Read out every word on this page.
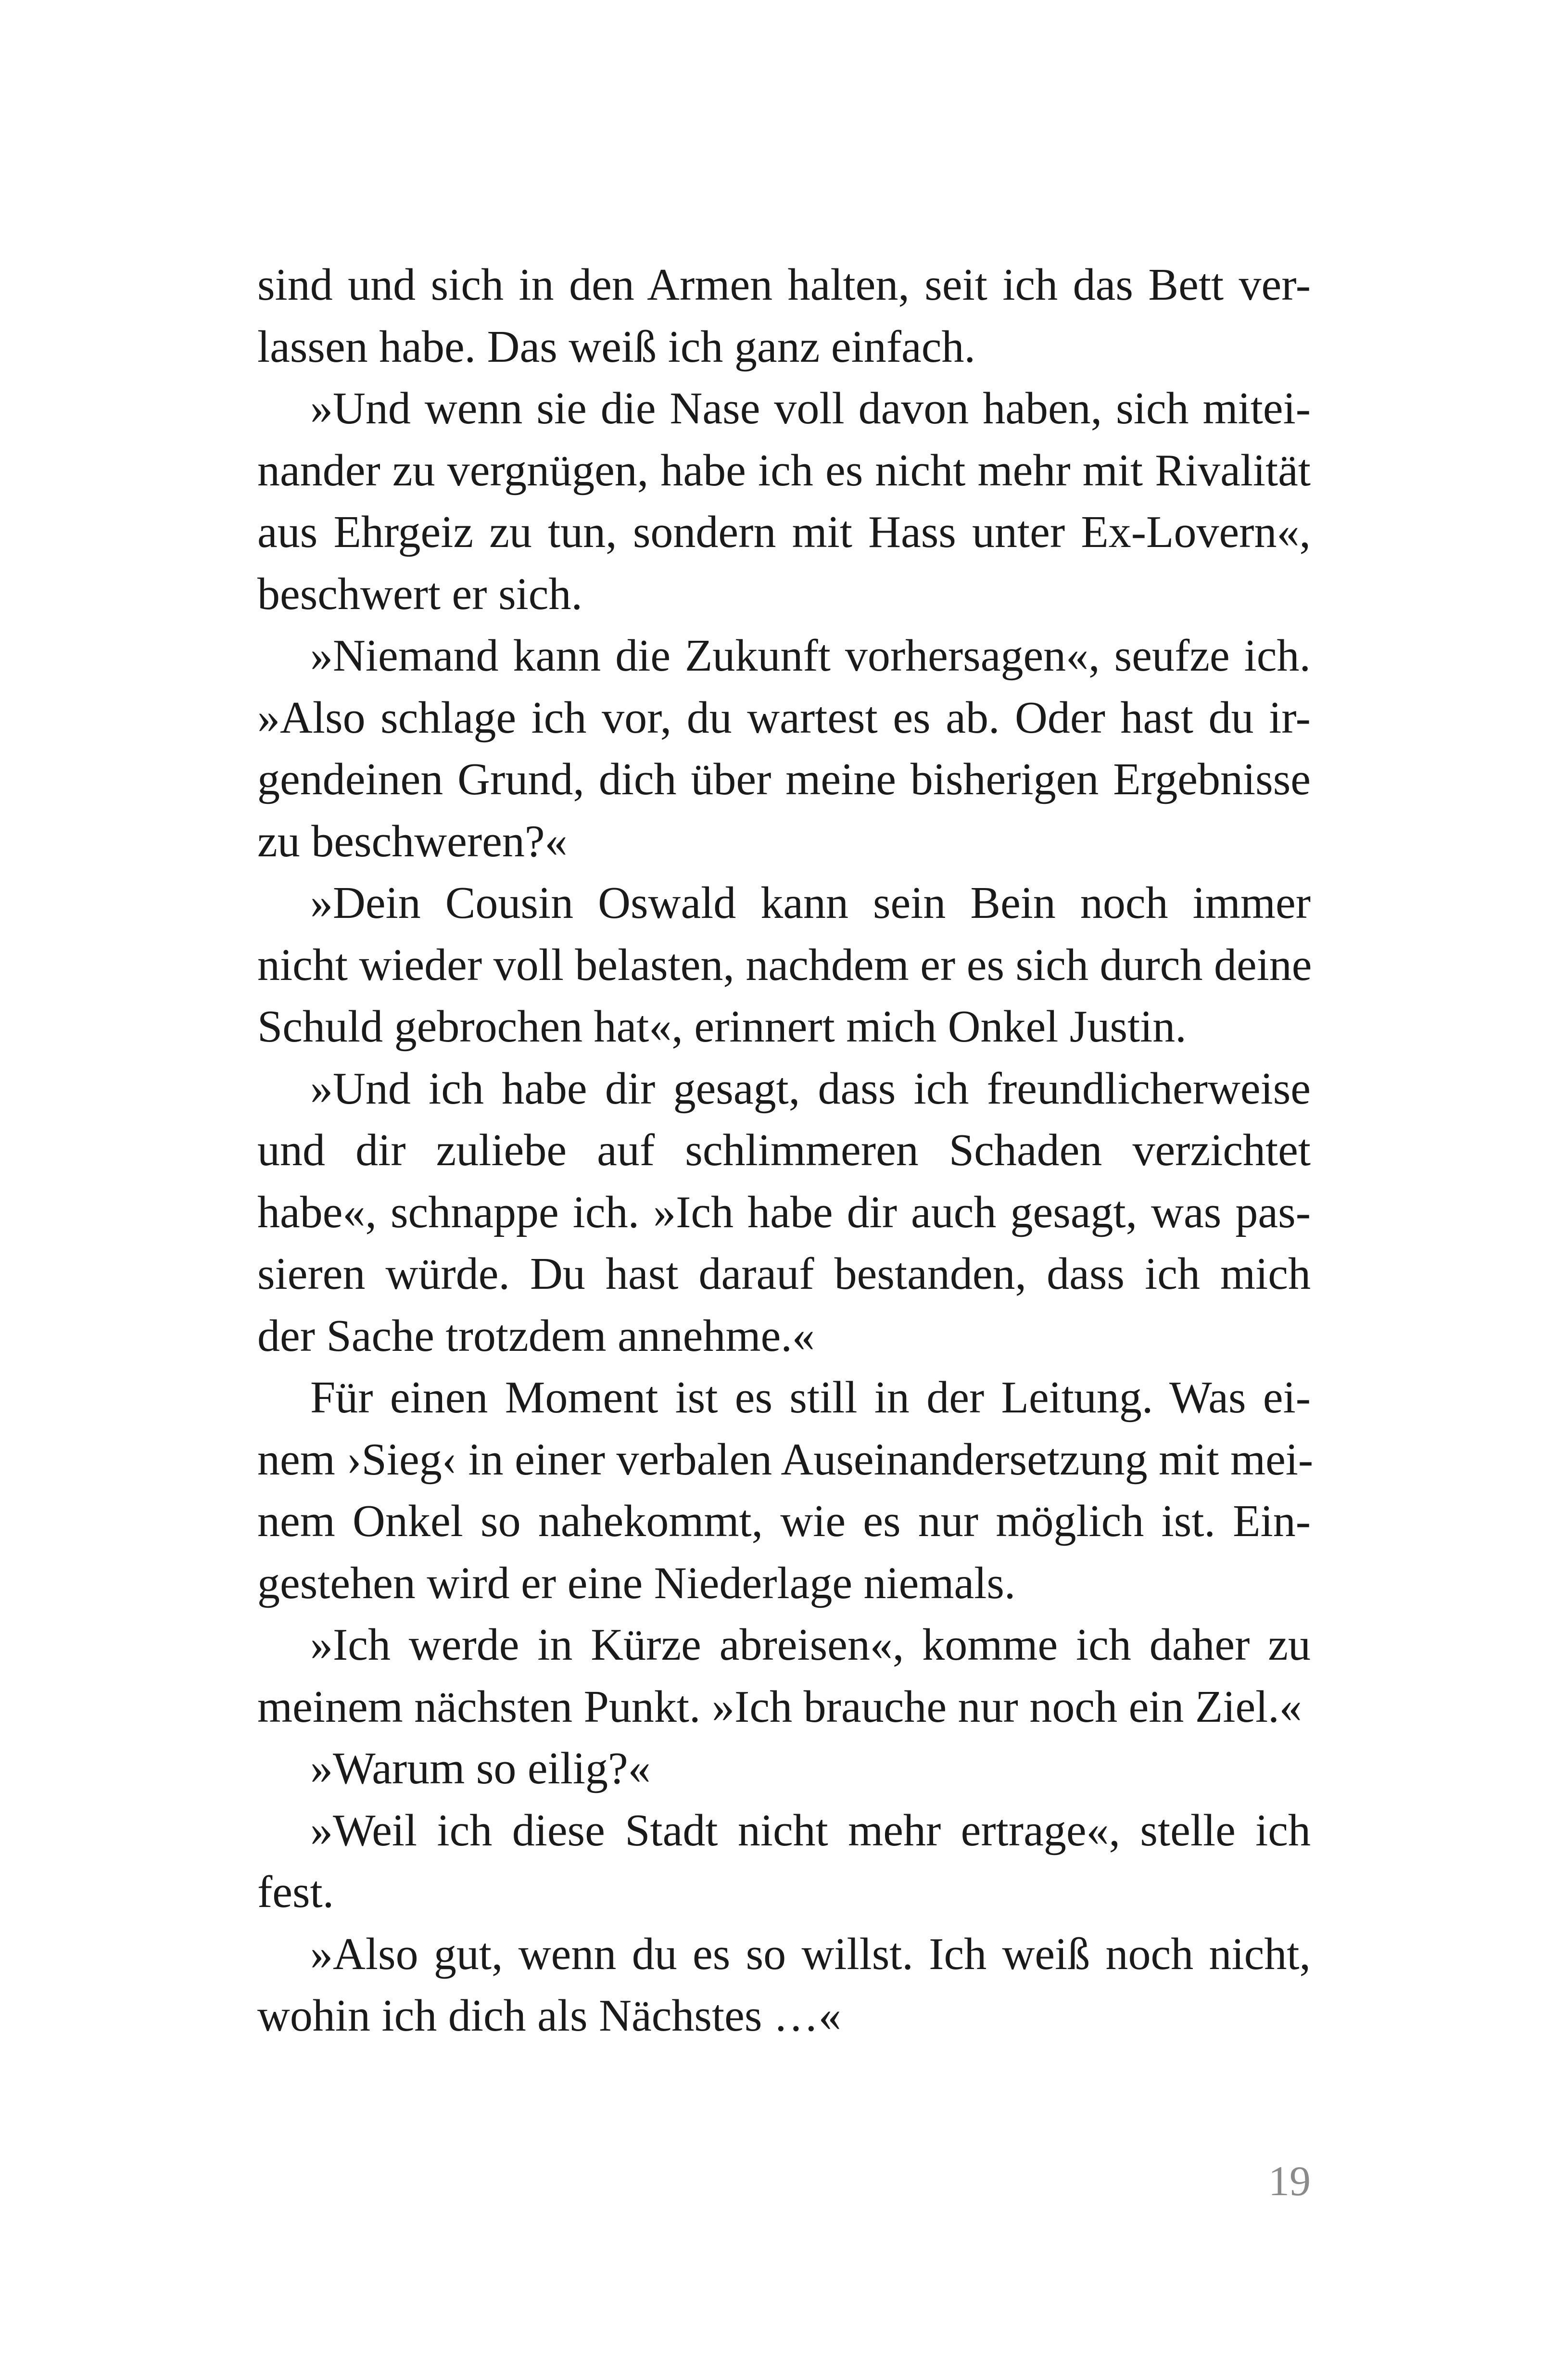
sind und sich in den Armen halten, seit ich das Bett ver-
lassen habe. Das weiß ich ganz einfach.
»Und wenn sie die Nase voll davon haben, sich mitei-
nander zu vergnügen, habe ich es nicht mehr mit Rivalität
aus Ehrgeiz zu tun, sondern mit Hass unter Ex-Lovern«,
beschwert er sich.
»Niemand kann die Zukunft vorhersagen«, seufze ich.
»Also schlage ich vor, du wartest es ab. Oder hast du ir-
gendeinen Grund, dich über meine bisherigen Ergebnisse
zu beschweren?«
»Dein Cousin Oswald kann sein Bein noch immer
nicht wieder voll belasten, nachdem er es sich durch deine
Schuld gebrochen hat«, erinnert mich Onkel Justin.
»Und ich habe dir gesagt, dass ich freundlicherweise
und dir zuliebe auf schlimmeren Schaden verzichtet
habe«, schnappe ich. »Ich habe dir auch gesagt, was pas-
sieren würde. Du hast darauf bestanden, dass ich mich
der Sache trotzdem annehme.«
Für einen Moment ist es still in der Leitung. Was ei-
nem ›Sieg‹ in einer verbalen Auseinandersetzung mit mei-
nem Onkel so nahekommt, wie es nur möglich ist. Ein-
gestehen wird er eine Niederlage niemals.
»Ich werde in Kürze abreisen«, komme ich daher zu
meinem nächsten Punkt. »Ich brauche nur noch ein Ziel.«
»Warum so eilig?«
»Weil ich diese Stadt nicht mehr ertrage«, stelle ich
fest.
»Also gut, wenn du es so willst. Ich weiß noch nicht,
wohin ich dich als Nächstes …«
19
